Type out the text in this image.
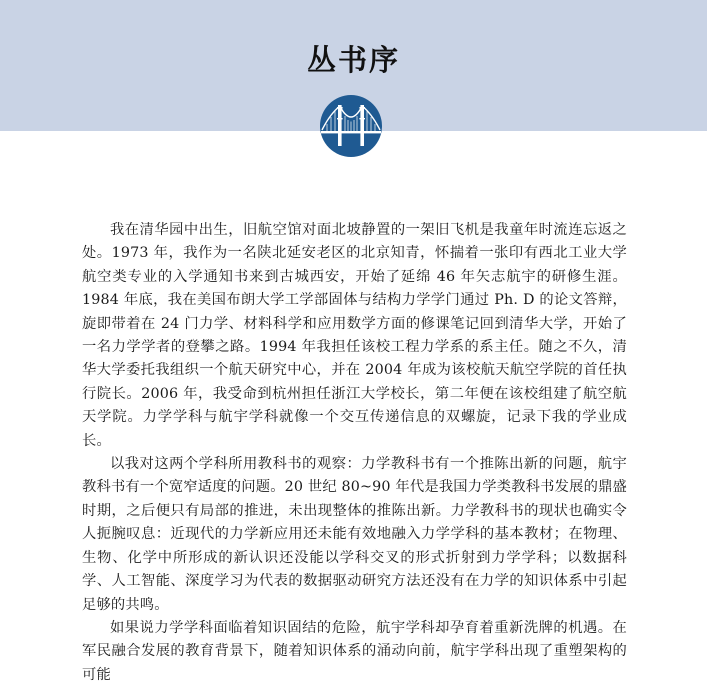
丛书序

我在清华园中出生，旧航空馆对面北坡静置的一架旧飞机是我童年时流连忘返之处。1973 年，我作为一名陕北延安老区的北京知青，怀揣着一张印有西北工业大学航空类专业的入学通知书来到古城西安，开始了延绵 46 年矢志航宇的研修生涯。1984 年底，我在美国布朗大学工学部固体与结构力学学门通过 Ph. D 的论文答辩，旋即带着在 24 门力学、材料科学和应用数学方面的修课笔记回到清华大学，开始了一名力学学者的登攀之路。1994 年我担任该校工程力学系的系主任。随之不久，清华大学委托我组织一个航天研究中心，并在 2004 年成为该校航天航空学院的首任执行院长。2006 年，我受命到杭州担任浙江大学校长，第二年便在该校组建了航空航天学院。力学学科与航宇学科就像一个交互传递信息的双螺旋，记录下我的学业成长。

以我对这两个学科所用教科书的观察：力学教科书有一个推陈出新的问题，航宇教科书有一个宽窄适度的问题。20 世纪 80~90 年代是我国力学类教科书发展的鼎盛时期，之后便只有局部的推进，未出现整体的推陈出新。力学教科书的现状也确实令人扼腕叹息：近现代的力学新应用还未能有效地融入力学学科的基本教材；在物理、生物、化学中所形成的新认识还没能以学科交叉的形式折射到力学学科；以数据科学、人工智能、深度学习为代表的数据驱动研究方法还没有在力学的知识体系中引起足够的共鸣。

如果说力学学科面临着知识固结的危险，航宇学科却孕育着重新洗牌的机遇。在军民融合发展的教育背景下，随着知识体系的涌动向前，航宇学科出现了重塑架构的可能
